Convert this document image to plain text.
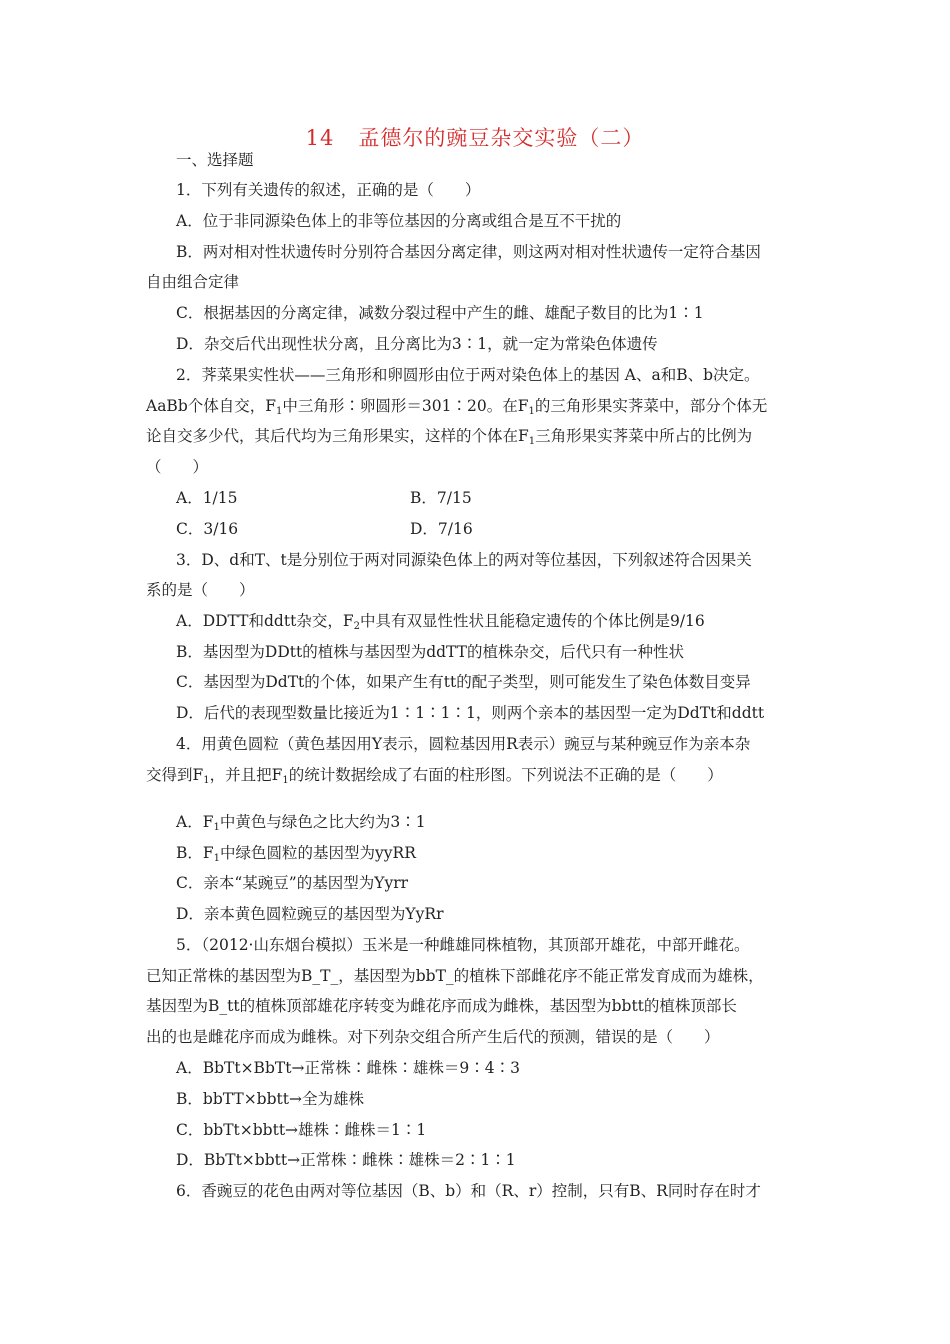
14 孟德尔的豌豆杂交实验（二）
一、选择题
1．下列有关遗传的叙述，正确的是（　　）
A．位于非同源染色体上的非等位基因的分离或组合是互不干扰的
B．两对相对性状遗传时分别符合基因分离定律，则这两对相对性状遗传一定符合基因
自由组合定律
C．根据基因的分离定律，减数分裂过程中产生的雌、雄配子数目的比为1∶1
D．杂交后代出现性状分离，且分离比为3∶1，就一定为常染色体遗传
2．荠菜果实性状——三角形和卵圆形由位于两对染色体上的基因 A、a和B、b决定。
AaBb个体自交，$F_1$中三角形∶卵圆形＝301∶20。在$F_1$的三角形果实荠菜中，部分个体无
论自交多少代，其后代均为三角形果实，这样的个体在$F_1$三角形果实荠菜中所占的比例为
（　　）
A．1/15	B．7/15
C．3/16	D．7/16
3．D、d和T、t是分别位于两对同源染色体上的两对等位基因，下列叙述符合因果关
系的是（　　）
A．DDTT和ddtt杂交，$F_2$中具有双显性性状且能稳定遗传的个体比例是9/16
B．基因型为DDtt的植株与基因型为ddTT的植株杂交，后代只有一种性状
C．基因型为DdTt的个体，如果产生有tt的配子类型，则可能发生了染色体数目变异
D．后代的表现型数量比接近为1∶1∶1∶1，则两个亲本的基因型一定为DdTt和ddtt
4．用黄色圆粒（黄色基因用Y表示，圆粒基因用R表示）豌豆与某种豌豆作为亲本杂
交得到$F_1$，并且把$F_1$的统计数据绘成了右面的柱形图。下列说法不正确的是（　　）
A．$F_1$中黄色与绿色之比大约为3∶1
B．$F_1$中绿色圆粒的基因型为yyRR
C．亲本“某豌豆”的基因型为Yyrr
D．亲本黄色圆粒豌豆的基因型为YyRr
5．（2012·山东烟台模拟）玉米是一种雌雄同株植物，其顶部开雄花，中部开雌花。
已知正常株的基因型为B_T_，基因型为bbT_的植株下部雌花序不能正常发育成而为雄株，
基因型为B_tt的植株顶部雄花序转变为雌花序而成为雌株，基因型为bbtt的植株顶部长
出的也是雌花序而成为雌株。对下列杂交组合所产生后代的预测，错误的是（　　）
A．BbTt×BbTt→正常株∶雌株∶雄株＝9∶4∶3
B．bbTT×bbtt→全为雄株
C．bbTt×bbtt→雄株∶雌株＝1∶1
D．BbTt×bbtt→正常株∶雌株∶雄株＝2∶1∶1
6．香豌豆的花色由两对等位基因（B、b）和（R、r）控制，只有B、R同时存在时才
